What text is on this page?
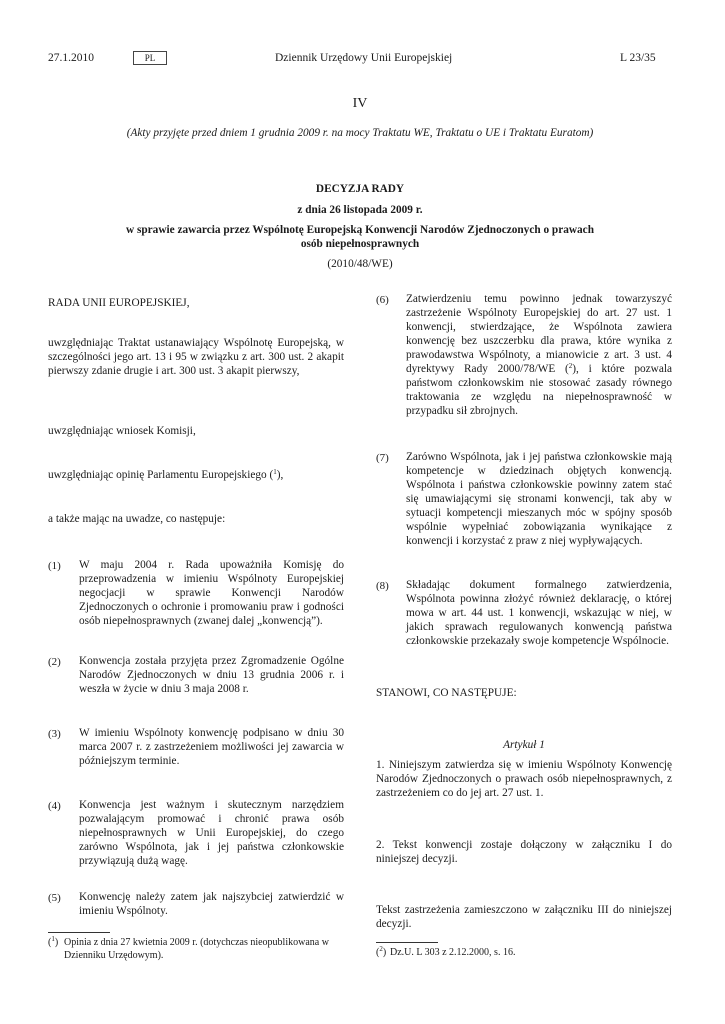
27.1.2010	PL	Dziennik Urzędowy Unii Europejskiej	L 23/35
IV
(Akty przyjęte przed dniem 1 grudnia 2009 r. na mocy Traktatu WE, Traktatu o UE i Traktatu Euratom)
DECYZJA RADY
z dnia 26 listopada 2009 r.
w sprawie zawarcia przez Wspólnotę Europejską Konwencji Narodów Zjednoczonych o prawach
osób niepełnosprawnych
(2010/48/WE)
RADA UNII EUROPEJSKIEJ,
uwzględniając Traktat ustanawiający Wspólnotę Europejską, w szczególności jego art. 13 i 95 w związku z art. 300 ust. 2 akapit pierwszy zdanie drugie i art. 300 ust. 3 akapit pierwszy,
uwzględniając wniosek Komisji,
uwzględniając opinię Parlamentu Europejskiego ($^1$),
a także mając na uwadze, co następuje:
(1) W maju 2004 r. Rada upoważniła Komisję do przeprowadzenia w imieniu Wspólnoty Europejskiej negocjacji w sprawie Konwencji Narodów Zjednoczonych o ochronie i promowaniu praw i godności osób niepełnosprawnych (zwanej dalej „konwencją”).
(2) Konwencja została przyjęta przez Zgromadzenie Ogólne Narodów Zjednoczonych w dniu 13 grudnia 2006 r. i weszła w życie w dniu 3 maja 2008 r.
(3) W imieniu Wspólnoty konwencję podpisano w dniu 30 marca 2007 r. z zastrzeżeniem możliwości jej zawarcia w późniejszym terminie.
(4) Konwencja jest ważnym i skutecznym narzędziem pozwalającym promować i chronić prawa osób niepełnosprawnych w Unii Europejskiej, do czego zarówno Wspólnota, jak i jej państwa członkowskie przywiązują dużą wagę.
(5) Konwencję należy zatem jak najszybciej zatwierdzić w imieniu Wspólnoty.
($^1$) Opinia z dnia 27 kwietnia 2009 r. (dotychczas nieopublikowana w Dzienniku Urzędowym).
(6) Zatwierdzeniu temu powinno jednak towarzyszyć zastrzeżenie Wspólnoty Europejskiej do art. 27 ust. 1 konwencji, stwierdzające, że Wspólnota zawiera konwencję bez uszczerbku dla prawa, które wynika z prawodawstwa Wspólnoty, a mianowicie z art. 3 ust. 4 dyrektywy Rady 2000/78/WE ($^2$), i które pozwala państwom członkowskim nie stosować zasady równego traktowania ze względu na niepełnosprawność w przypadku sił zbrojnych.
(7) Zarówno Wspólnota, jak i jej państwa członkowskie mają kompetencje w dziedzinach objętych konwencją. Wspólnota i państwa członkowskie powinny zatem stać się umawiającymi się stronami konwencji, tak aby w sytuacji kompetencji mieszanych móc w spójny sposób wspólnie wypełniać zobowiązania wynikające z konwencji i korzystać z praw z niej wypływających.
(8) Składając dokument formalnego zatwierdzenia, Wspólnota powinna złożyć również deklarację, o której mowa w art. 44 ust. 1 konwencji, wskazując w niej, w jakich sprawach regulowanych konwencją państwa członkowskie przekazały swoje kompetencje Wspólnocie.
STANOWI, CO NASTĘPUJE:
Artykuł 1
1. Niniejszym zatwierdza się w imieniu Wspólnoty Konwencję Narodów Zjednoczonych o prawach osób niepełnosprawnych, z zastrzeżeniem co do jej art. 27 ust. 1.
2. Tekst konwencji zostaje dołączony w załączniku I do niniejszej decyzji.
Tekst zastrzeżenia zamieszczono w załączniku III do niniejszej decyzji.
($^2$) Dz.U. L 303 z 2.12.2000, s. 16.
